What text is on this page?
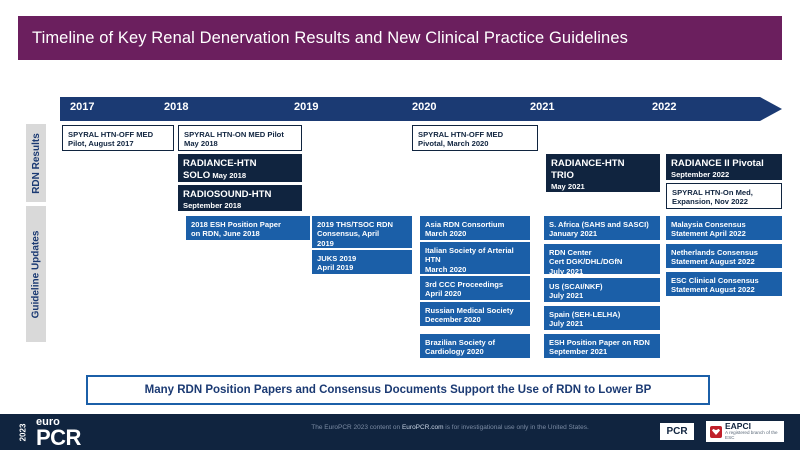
Timeline of Key Renal Denervation Results and New Clinical Practice Guidelines
2017	2018	2019	2020	2021	2022
RDN Results
Guideline Updates
SPYRAL HTN-OFF MED
Pilot, August 2017
SPYRAL HTN-ON MED Pilot
May 2018
RADIANCE-HTN
SOLO May 2018
RADIOSOUND-HTN
September 2018
SPYRAL HTN-OFF MED
Pivotal, March 2020
RADIANCE-HTN
TRIO
May 2021
RADIANCE II Pivotal
September 2022
SPYRAL HTN-On Med,
Expansion, Nov 2022
2018 ESH Position Paper
on RDN, June 2018
2019 THS/TSOC RDN
Consensus, April
2019
JUKS 2019
April 2019
Asia RDN Consortium
March 2020
Italian Society of Arterial
HTN
March 2020
3rd CCC Proceedings
April 2020
Russian Medical Society
December 2020
Brazilian Society of
Cardiology 2020
S. Africa (SAHS and SASCI)
January 2021
RDN Center
Cert DGK/DHL/DGfN
July 2021
US (SCAI/NKF)
July 2021
Spain (SEH-LELHA)
July 2021
ESH Position Paper on RDN
September 2021
Malaysia Consensus
Statement April 2022
Netherlands Consensus
Statement August 2022
ESC Clinical Consensus
Statement August 2022
Many RDN Position Papers and Consensus Documents Support the Use of RDN to Lower BP
2023
euro
PCR	The EuroPCR 2023 content on EuroPCR.com is for investigational use only in the United States.	PCR	EAPCI
A registered branch of the ESC
